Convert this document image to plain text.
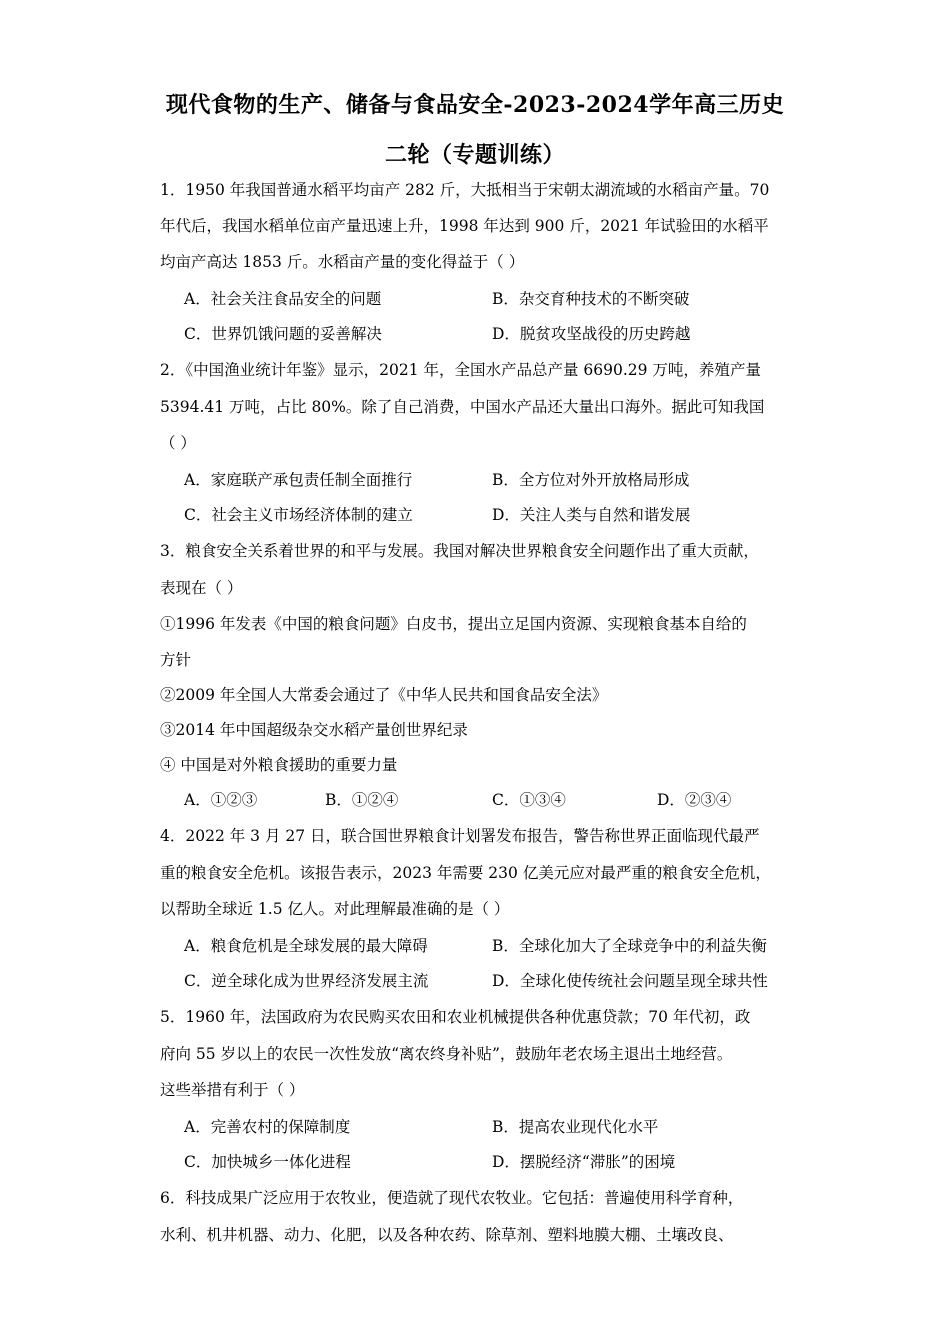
现代食物的生产、储备与食品安全-2023-2024学年高三历史
二轮（专题训练）
1．1950 年我国普通水稻平均亩产 282 斤，大抵相当于宋朝太湖流域的水稻亩产量。70
年代后，我国水稻单位亩产量迅速上升，1998 年达到 900 斤，2021 年试验田的水稻平
均亩产高达 1853 斤。水稻亩产量的变化得益于（ ）
A．社会关注食品安全的问题	B．杂交育种技术的不断突破
C．世界饥饿问题的妥善解决	D．脱贫攻坚战役的历史跨越
2．《中国渔业统计年鉴》显示，2021 年，全国水产品总产量 6690.29 万吨，养殖产量
5394.41 万吨，占比 80%。除了自己消费，中国水产品还大量出口海外。据此可知我国
（ ）
A．家庭联产承包责任制全面推行	B．全方位对外开放格局形成
C．社会主义市场经济体制的建立	D．关注人类与自然和谐发展
3．粮食安全关系着世界的和平与发展。我国对解决世界粮食安全问题作出了重大贡献，
表现在（ ）
①1996 年发表《中国的粮食问题》白皮书，提出立足国内资源、实现粮食基本自给的
方针
②2009 年全国人大常委会通过了《中华人民共和国食品安全法》
③2014 年中国超级杂交水稻产量创世界纪录
④ 中国是对外粮食援助的重要力量
A．①②③	B．①②④	C．①③④	D．②③④
4．2022 年 3 月 27 日，联合国世界粮食计划署发布报告，警告称世界正面临现代最严
重的粮食安全危机。该报告表示，2023 年需要 230 亿美元应对最严重的粮食安全危机，
以帮助全球近 1.5 亿人。对此理解最准确的是（ ）
A．粮食危机是全球发展的最大障碍	B．全球化加大了全球竞争中的利益失衡
C．逆全球化成为世界经济发展主流	D．全球化使传统社会问题呈现全球共性
5．1960 年，法国政府为农民购买农田和农业机械提供各种优惠贷款；70 年代初，政
府向 55 岁以上的农民一次性发放“离农终身补贴”，鼓励年老农场主退出土地经营。
这些举措有利于（ ）
A．完善农村的保障制度	B．提高农业现代化水平
C．加快城乡一体化进程	D．摆脱经济“滞胀”的困境
6．科技成果广泛应用于农牧业，便造就了现代农牧业。它包括：普遍使用科学育种，
水利、机井机器、动力、化肥，以及各种农药、除草剂、塑料地膜大棚、土壤改良、
